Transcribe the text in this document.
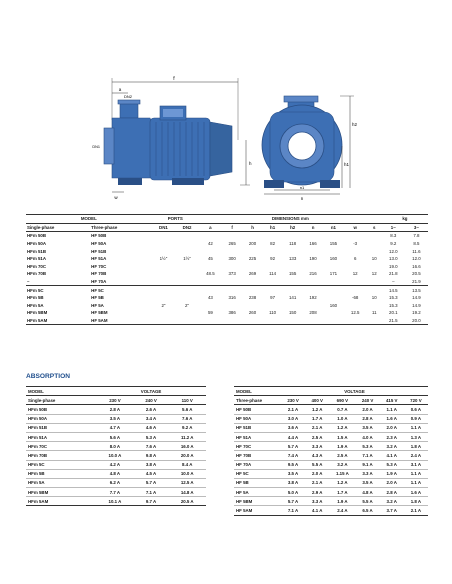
f
a
DN2
DN1
h
w
h2
h1
n
n1
MODEL		PORTS		DIMENSIONS mm									kg	
Single-phase	Three-phase	DN1	DN2	a	f	h	h1	h2	n	n1	w	s	1~	3~
HFm 50B	HF 50B												8.3	7.8
HFm 50A	HF 50A			42	265	200	82	118	166	155	-3		9.2	8.5
HFm 51B	HF 51B												12.0	11.6
HFm 51A	HF 51A	1½"	1½"	45	300	225	92	133	190	160	6	10	13.0	12.0
HFm 70C	HF 70C												19.0	16.6
HFm 70B	HF 70B			48.5	373	269	114	155	216	171	12	12	21.8	20.5
–	HF 70A												–	21.9
HFm 5C	HF 5C												14.5	13.5
HFm 5B	HF 5B			43	316	238	97	141	192		-68	10	15.3	14.9
HFm 5A	HF 5A	2"	2"							160			15.3	14.9
HFm 5BM	HF 5BM			59	386	260	110	150	208		12.5	11	20.1	19.2
HFm 5AM	HF 5AM												21.5	20.0
ABSORPTION
MODEL	VOLTAGE		
Single-phase	230 V	240 V	110 V
HFm 50B	2.8 A	2.6 A	5.6 A
HFm 50A	3.5 A	3.4 A	7.6 A
HFm 51B	4.7 A	4.6 A	9.2 A
HFm 51A	5.6 A	5.3 A	11.2 A
HFm 70C	8.0 A	7.6 A	16.0 A
HFm 70B	10.0 A	9.8 A	20.0 A
HFm 5C	4.2 A	3.8 A	8.4 A
HFm 5B	4.8 A	4.5 A	10.0 A
HFm 5A	6.2 A	5.7 A	12.5 A
HFm 5BM	7.7 A	7.1 A	14.8 A
HFm 5AM	10.1 A	9.7 A	20.5 A
MODEL	VOLTAGE					
Three-phase	230 V	400 V	690 V	240 V	415 V	720 V
HF 50B	2.1 A	1.2 A	0.7 A	2.0 A	1.1 A	0.6 A
HF 50A	3.0 A	1.7 A	1.0 A	2.8 A	1.6 A	0.9 A
HF 51B	3.6 A	2.1 A	1.2 A	3.5 A	2.0 A	1.1 A
HF 51A	4.4 A	2.5 A	1.5 A	4.0 A	2.3 A	1.3 A
HF 70C	5.7 A	3.3 A	1.9 A	5.3 A	3.2 A	1.8 A
HF 70B	7.4 A	4.3 A	2.5 A	7.1 A	4.1 A	2.4 A
HF 70A	9.5 A	5.5 A	3.2 A	9.1 A	5.3 A	3.1 A
HF 5C	3.5 A	2.0 A	1.15 A	3.3 A	1.9 A	1.1 A
HF 5B	3.8 A	2.1 A	1.2 A	3.5 A	2.0 A	1.1 A
HF 5A	5.0 A	2.9 A	1.7 A	4.8 A	2.8 A	1.6 A
HF 5BM	5.7 A	3.3 A	1.9 A	5.5 A	3.2 A	1.8 A
HF 5AM	7.1 A	4.1 A	2.4 A	6.5 A	3.7 A	2.1 A
